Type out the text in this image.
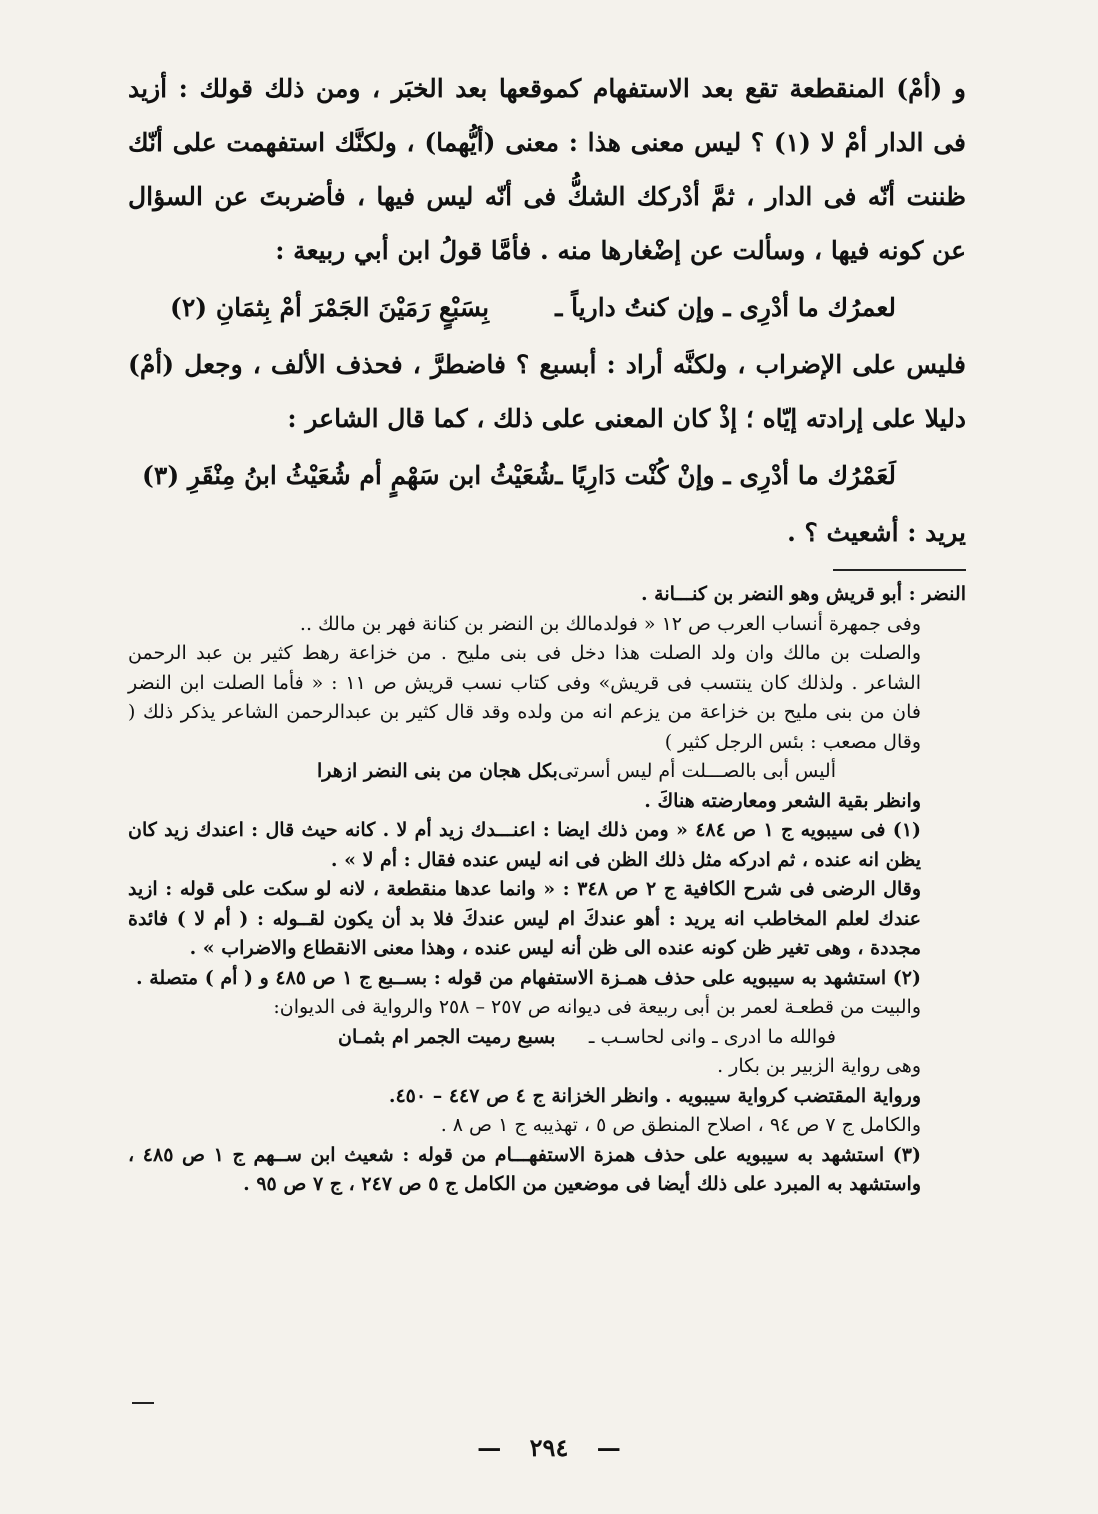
و (أمْ) المنقطعة تقع بعد الاستفهام كموقعها بعد الخبَر ، ومن ذلك قولك : أزيد فى الدار أمْ لا (١) ؟ ليس معنى هذا : معنى (أيُّهما) ، ولكنَّك استفهمت على أنّك ظننت أنّه فى الدار ، ثمَّ أدْركك الشكُّ فى أنّه ليس فيها ، فأضربتَ عن السؤال عن كونه فيها ، وسألت عن إضْغارها منه . فأمَّا قولُ ابن أبي ربيعة :

لعمرُك ما أدْرِى ـ وإن كنتُ دارياً ـ
بِسَبْعٍ رَمَيْنَ الجَمْرَ أمْ بِثمَانِ (٢)

فليس على الإضراب ، ولكنَّه أراد : أبسبع ؟ فاضطرَّ ، فحذف الألف ، وجعل (أمْ) دليلا على إرادته إيّاه ؛ إذْ كان المعنى على ذلك ، كما قال الشاعر :

لَعَمْرُك ما أدْرِى ـ وإنْ كُنْت دَارِيًا ـ
شُعَيْثُ ابن سَهْمٍ أم شُعَيْثُ ابنُ مِنْقَرِ (٣)

يريد : أشعيث ؟ .

النضر : أبو قريش وهو النضر بن كنـــانة .

وفى جمهرة أنساب العرب ص ١٢ « فولدمالك بن النضر بن كنانة فهر بن مالك ..

والصلت بن مالك وان ولد الصلت هذا دخل فى بنى مليح . من خزاعة رهط كثير بن عبد الرحمن الشاعر . ولذلك كان ينتسب فى قريش» وفى كتاب نسب قريش ص ١١ : « فأما الصلت ابن النضر فان من بنى مليح بن خزاعة من يزعم انه من ولده وقد قال كثير بن عبدالرحمن الشاعر يذكر ذلك ( وقال مصعب : بئس الرجل كثير )

أليس أبى بالصـــلت أم ليس أسرتى
بكل هجان من بنى النضر ازهرا

وانظر بقية الشعر ومعارضته هناكَ .

(١) فى سيبويه ج ١ ص ٤٨٤ « ومن ذلك ايضا : اعنـــدك زيد أم لا . كانه حيث قال : اعندك زيد كان يظن انه عنده ، ثم ادركه مثل ذلك الظن فى انه ليس عنده فقال : أم لا » .

وقال الرضى فى شرح الكافية ج ٢ ص ٣٤٨ : « وانما عدها منقطعة ، لانه لو سكت على قوله : ازيد عندك لعلم المخاطب انه يريد : أهو عندكَ ام ليس عندكَ فلا بد أن يكون لقــوله : ( أم لا ) فائدة مجددة ، وهى تغير ظن كونه عنده الى ظن أنه ليس عنده ، وهذا معنى الانقطاع والاضراب » .

(٢) استشهد به سيبويه على حذف همـزة الاستفهام من قوله : بســبع ج ١ ص ٤٨٥ و ( أم ) متصلة .

والبيت من قطعـة لعمر بن أبى ربيعة فى ديوانه ص ٢٥٧ – ٢٥٨ والرواية فى الديوان:

فوالله ما ادرى ـ وانى لحاسـب ـ
بسبع رميت الجمر ام بثمـان

وهى رواية الزبير بن بكار .

ورواية المقتضب كرواية سيبويه . وانظر الخزانة ج ٤ ص ٤٤٧ – ٤٥٠.

والكامل ج ٧ ص ٩٤ ، اصلاح المنطق ص ٥ ، تهذيبه ج ١ ص ٨ .

(٣) استشهد به سيبويه على حذف همزة الاستفهـــام من قوله : شعيث ابن ســهم ج ١ ص ٤٨٥ ، واستشهد به المبرد على ذلك أيضا فى موضعين من الكامل ج ٥ ص ٢٤٧ ، ج ٧ ص ٩٥ .

— ٢٩٤ —
